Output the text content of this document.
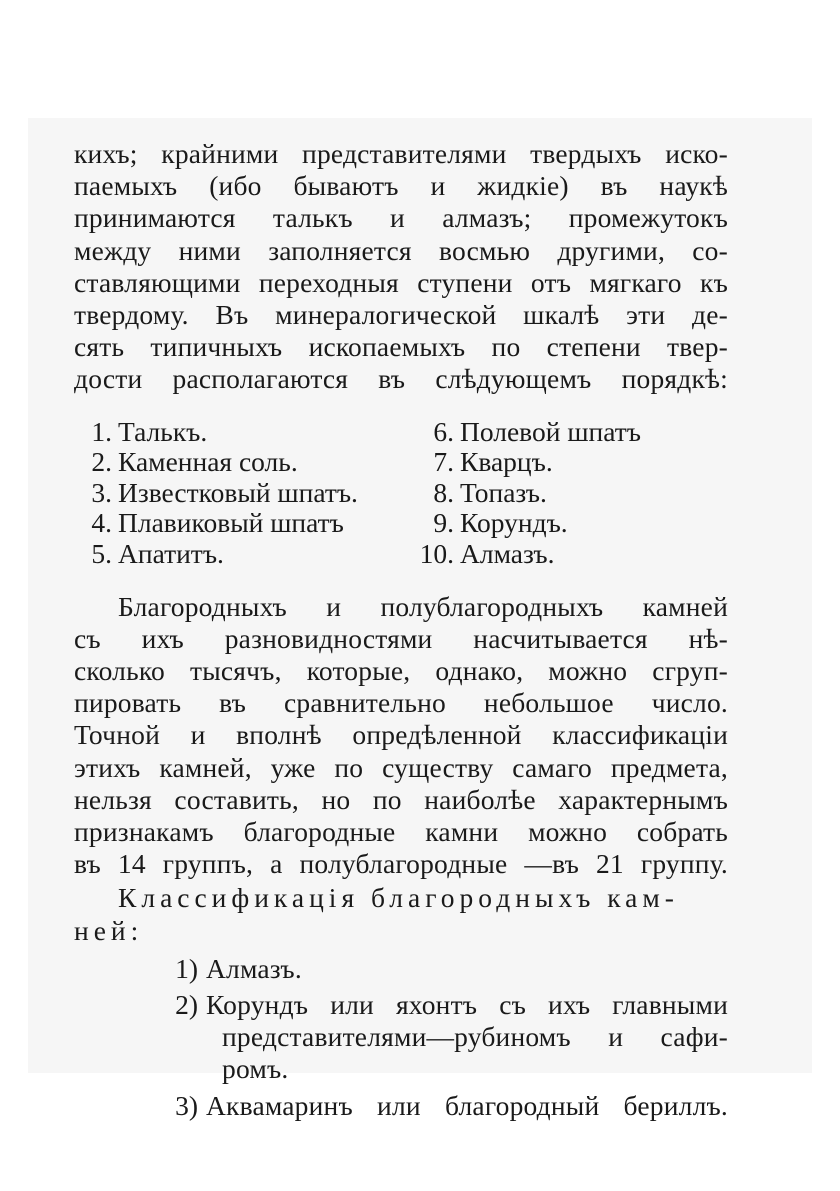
кихъ; крайними представителями твердыхъ иско-
паемыхъ (ибо бываютъ и жидкіе) въ наукѣ
принимаются талькъ и алмазъ; промежутокъ
между ними заполняется восмью другими, со-
ставляющими переходныя ступени отъ мягкаго къ
твердому. Въ минералогической шкалѣ эти де-
сять типичныхъ ископаемыхъ по степени твер-
дости располагаются въ слѣдующемъ порядкѣ:
1. Талькъ.
2. Каменная соль.
3. Известковый шпатъ.
4. Плавиковый шпатъ
5. Апатитъ.
6. Полевой шпатъ
7. Кварцъ.
8. Топазъ.
9. Корундъ.
10. Алмазъ.
Благородныхъ и полублагородныхъ камней
съ ихъ разновидностями насчитывается нѣ-
сколько тысячъ, которые, однако, можно сгруп-
пировать въ сравнительно небольшое число.
Точной и вполнѣ опредѣленной классификаціи
этихъ камней, уже по существу самаго предмета,
нельзя составить, но по наиболѣе характернымъ
признакамъ благородные камни можно собрать
въ 14 группъ, а полублагородные —въ 21 группу.
Классификація благородныхъ кам-
ней:
1) Алмазъ.
2) Корундъ или яхонтъ съ ихъ главными
представителями—рубиномъ и сафи-
ромъ.
3) Аквамаринъ или благородный бериллъ.
